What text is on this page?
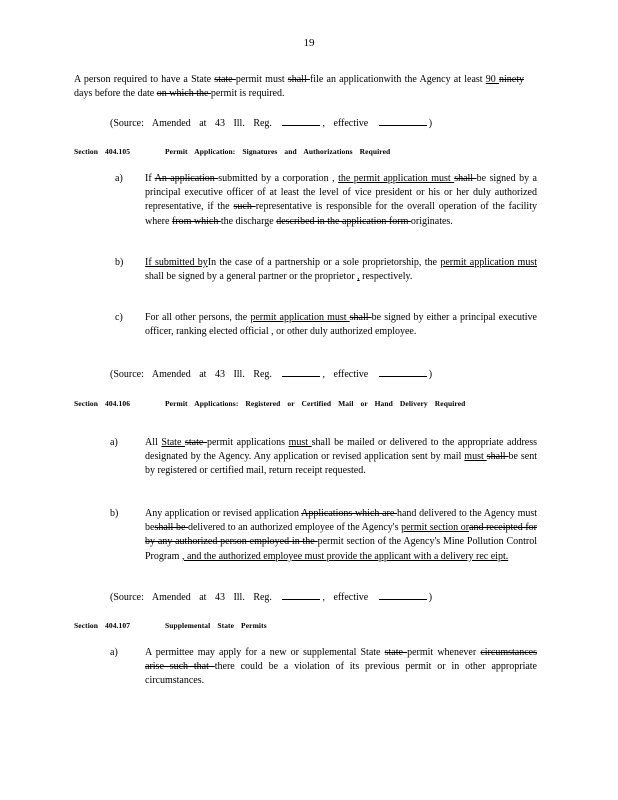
19

A person required to have a State state permit must shall file an applicationwith the Agency at least 90 ninety days before the date on which the permit is required.

(Source: Amended at 43 Ill. Reg.	, effective	)
Section 404.105	Permit Application: Signatures and Authorizations Required
a) If An application submitted by a corporation , the permit application must shall be signed by a principal executive officer of at least the level of vice president or his or her duly authorized representative, if the such representative is responsible for the overall operation of the facility where from which the discharge described in the application form originates.

b) If submitted byIn the case of a partnership or a sole proprietorship, the permit application must shall be signed by a general partner or the proprietor , respectively.

c) For all other persons, the permit application must shall be signed by either a principal executive officer, ranking elected official , or other duly authorized employee.

(Source: Amended at 43 Ill. Reg.	, effective	)
Section 404.106	Permit Applications: Registered or Certified Mail or Hand Delivery Required
a)	All State state permit applications must shall be mailed or delivered to the appropriate address designated by the Agency. Any application or revised application sent by mail must shall be sent by registered or certified mail, return receipt requested.

b)	Any application or revised application Applications which are hand delivered to the Agency must beshall be delivered to an authorized employee of the Agency's permit section orand receipted for by any authorized person employed in the permit section of the Agency's Mine Pollution Control Program , and the authorized employee must provide the applicant with a delivery rec eipt.

(Source: Amended at 43 Ill. Reg.	, effective	)
Section 404.107	Supplemental State Permits
a)	A permittee may apply for a new or supplemental State state permit whenever circumstances arise such that there could be a violation of its previous permit or in other appropriate circumstances.
